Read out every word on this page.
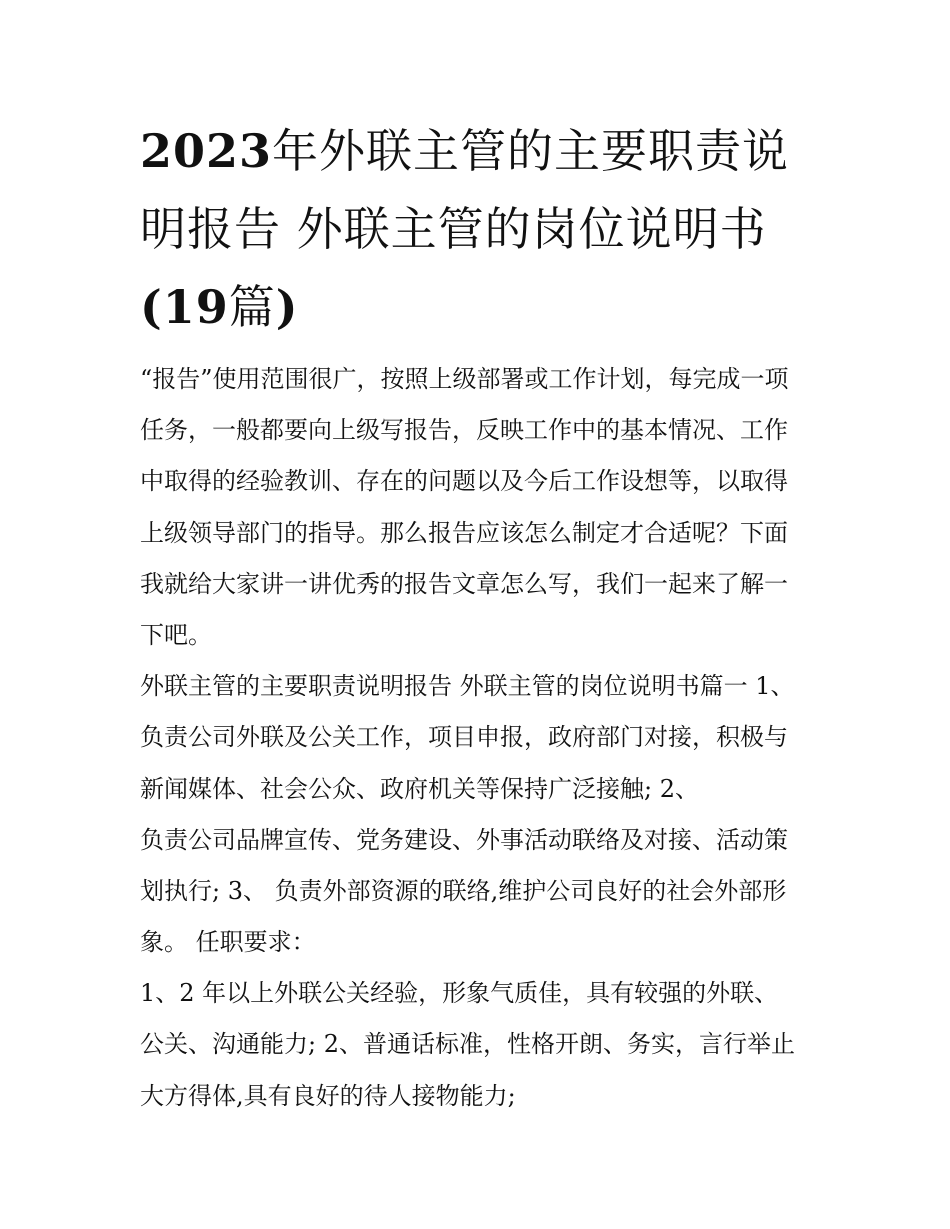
2023年外联主管的主要职责说
明报告 外联主管的岗位说明书
(19篇)
“报告”使用范围很广，按照上级部署或工作计划，每完成一项
任务，一般都要向上级写报告，反映工作中的基本情况、工作
中取得的经验教训、存在的问题以及今后工作设想等，以取得
上级领导部门的指导。那么报告应该怎么制定才合适呢？下面
我就给大家讲一讲优秀的报告文章怎么写，我们一起来了解一
下吧。
外联主管的主要职责说明报告 外联主管的岗位说明书篇一 1、
负责公司外联及公关工作，项目申报，政府部门对接，积极与
新闻媒体、社会公众、政府机关等保持广泛接触; 2、
负责公司品牌宣传、党务建设、外事活动联络及对接、活动策
划执行; 3、 负责外部资源的联络,维护公司良好的社会外部形
象。 任职要求：
1、2 年以上外联公关经验，形象气质佳，具有较强的外联、
公关、沟通能力; 2、普通话标准，性格开朗、务实，言行举止
大方得体,具有良好的待人接物能力;
